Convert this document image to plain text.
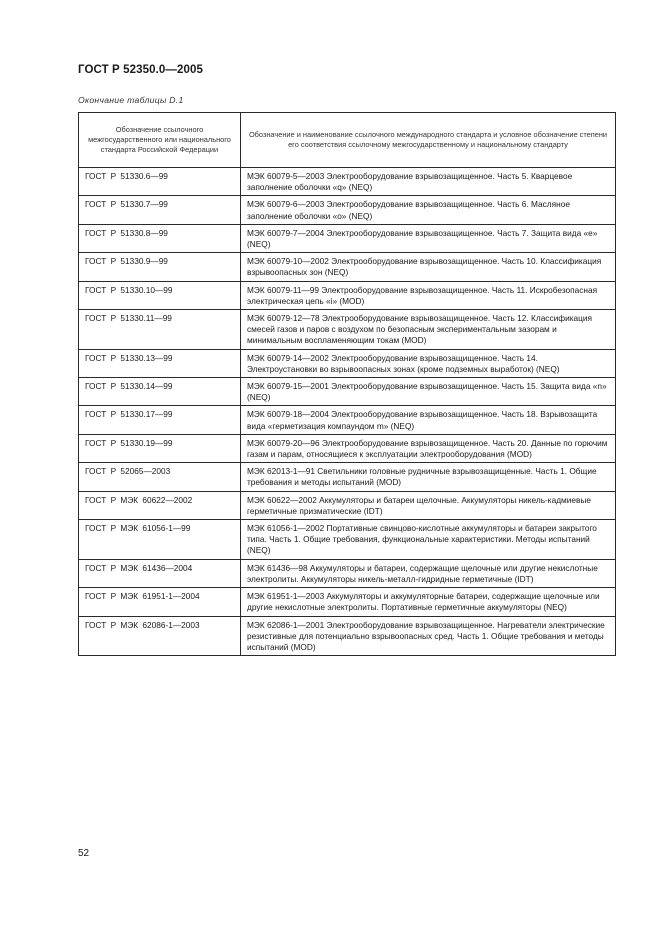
ГОСТ Р 52350.0—2005
Окончание таблицы D.1
Обозначение ссылочного межгосударственного или национального стандарта Российской Федерации	Обозначение и наименование ссылочного международного стандарта и условное обозначение степени его соответствия ссылочному межгосударственному и национальному стандарту
ГОСТ Р 51330.6—99	МЭК 60079-5—2003 Электрооборудование взрывозащищенное. Часть 5. Кварцевое заполнение оболочки «q» (NEQ)
ГОСТ Р 51330.7—99	МЭК 60079-6—2003 Электрооборудование взрывозащищенное. Часть 6. Масляное заполнение оболочки «о» (NEQ)
ГОСТ Р 51330.8—99	МЭК 60079-7—2004 Электрооборудование взрывозащищенное. Часть 7. Защита вида «е» (NEQ)
ГОСТ Р 51330.9—99	МЭК 60079-10—2002 Электрооборудование взрывозащищенное. Часть 10. Классификация взрывоопасных зон (NEQ)
ГОСТ Р 51330.10—99	МЭК 60079-11—99 Электрооборудование взрывозащищенное. Часть 11. Искробезопасная электрическая цепь «i» (MOD)
ГОСТ Р 51330.11—99	МЭК 60079-12—78 Электрооборудование взрывозащищенное. Часть 12. Классификация смесей газов и паров с воздухом по безопасным экспериментальным зазорам и минимальным воспламеняющим токам (MOD)
ГОСТ Р 51330.13—99	МЭК 60079-14—2002 Электрооборудование взрывозащищенное. Часть 14. Электроустановки во взрывоопасных зонах (кроме подземных выработок) (NEQ)
ГОСТ Р 51330.14—99	МЭК 60079-15—2001 Электрооборудование взрывозащищенное. Часть 15. Защита вида «n» (NEQ)
ГОСТ Р 51330.17—99	МЭК 60079-18—2004 Электрооборудование взрывозащищенное. Часть 18. Взрывозащита вида «герметизация компаундом m» (NEQ)
ГОСТ Р 51330.19—99	МЭК 60079-20—96 Электрооборудование взрывозащищенное. Часть 20. Данные по горючим газам и парам, относящиеся к эксплуатации электрооборудования (MOD)
ГОСТ Р 52065—2003	МЭК 62013-1—91 Светильники головные рудничные взрывозащищенные. Часть 1. Общие требования и методы испытаний (MOD)
ГОСТ Р МЭК 60622—2002	МЭК 60622—2002 Аккумуляторы и батареи щелочные. Аккумуляторы никель-кадмиевые герметичные призматические (IDT)
ГОСТ Р МЭК 61056-1—99	МЭК 61056-1—2002 Портативные свинцово-кислотные аккумуляторы и батареи закрытого типа. Часть 1. Общие требования, функциональные характеристики. Методы испытаний (NEQ)
ГОСТ Р МЭК 61436—2004	МЭК 61436—98 Аккумуляторы и батареи, содержащие щелочные или другие некислотные электролиты. Аккумуляторы никель-металл-гидридные герметичные (IDT)
ГОСТ Р МЭК 61951-1—2004	МЭК 61951-1—2003 Аккумуляторы и аккумуляторные батареи, содержащие щелочные или другие некислотные электролиты. Портативные герметичные аккумуляторы (NEQ)
ГОСТ Р МЭК 62086-1—2003	МЭК 62086-1—2001 Электрооборудование взрывозащищенное. Нагреватели электрические резистивные для потенциально взрывоопасных сред. Часть 1. Общие требования и методы испытаний (MOD)
52
